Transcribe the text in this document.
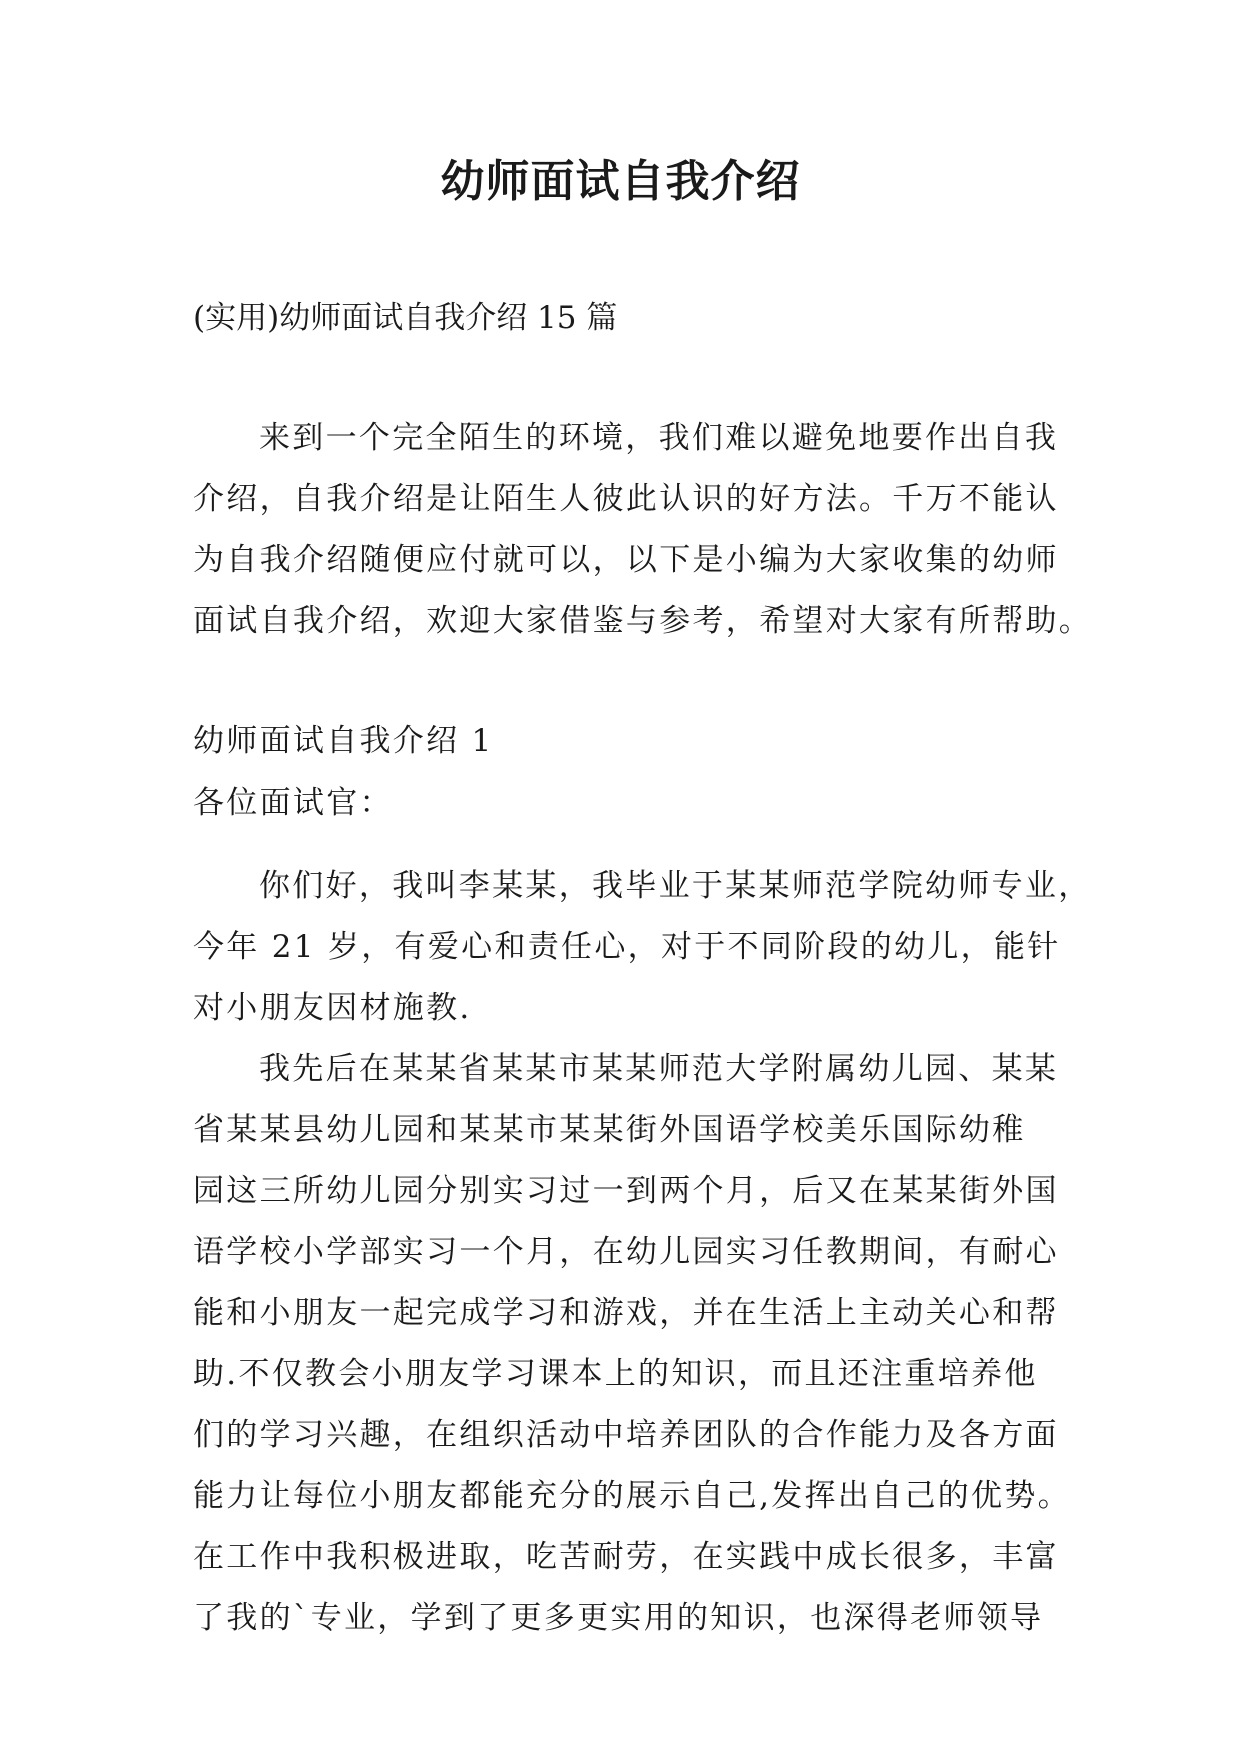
幼师面试自我介绍

(实用)幼师面试自我介绍 15 篇

来到一个完全陌生的环境，我们难以避免地要作出自我
介绍，自我介绍是让陌生人彼此认识的好方法。千万不能认
为自我介绍随便应付就可以，以下是小编为大家收集的幼师
面试自我介绍，欢迎大家借鉴与参考，希望对大家有所帮助。
幼师面试自我介绍 1
各位面试官：
你们好，我叫李某某，我毕业于某某师范学院幼师专业，
今年 21 岁，有爱心和责任心，对于不同阶段的幼儿，能针
对小朋友因材施教.
我先后在某某省某某市某某师范大学附属幼儿园、某某
省某某县幼儿园和某某市某某街外国语学校美乐国际幼稚
园这三所幼儿园分别实习过一到两个月，后又在某某街外国
语学校小学部实习一个月，在幼儿园实习任教期间，有耐心
能和小朋友一起完成学习和游戏，并在生活上主动关心和帮
助.不仅教会小朋友学习课本上的知识，而且还注重培养他
们的学习兴趣，在组织活动中培养团队的合作能力及各方面
能力让每位小朋友都能充分的展示自己,发挥出自己的优势。
在工作中我积极进取，吃苦耐劳，在实践中成长很多，丰富
了我的`专业，学到了更多更实用的知识，也深得老师领导
